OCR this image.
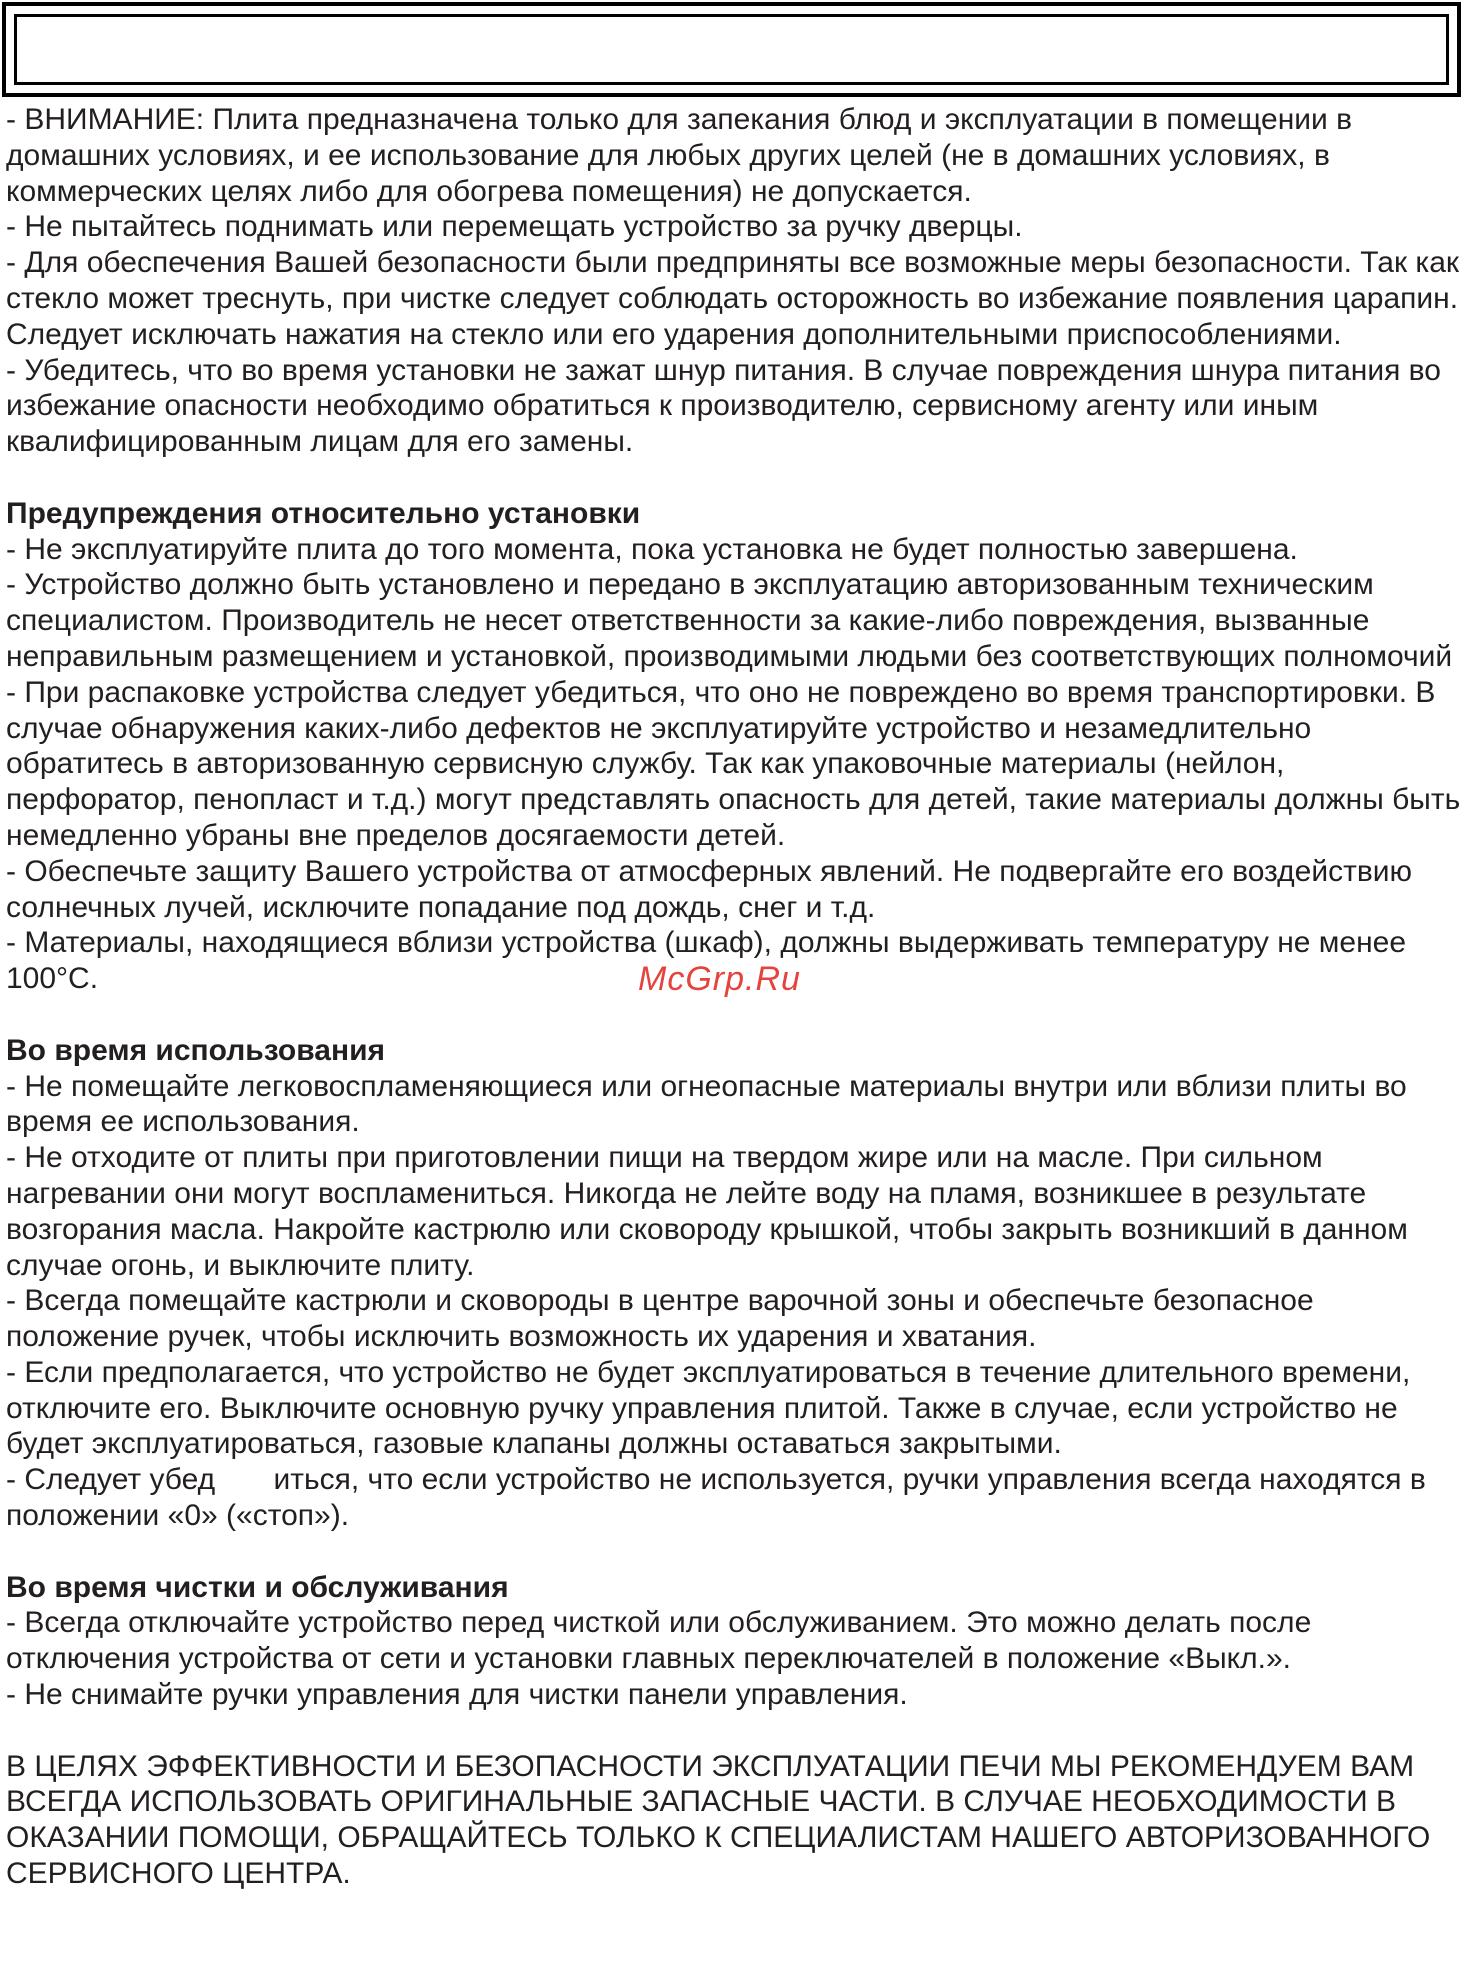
- ВНИМАНИЕ: Плита предназначена только для запекания блюд и эксплуатации в помещении в домашних условиях, и ее использование для любых других целей (не в домашних условиях, в коммерческих целях либо для обогрева помещения) не допускается.

- Не пытайтесь поднимать или перемещать устройство за ручку дверцы.

- Для обеспечения Вашей безопасности были предприняты все возможные меры безопасности. Так как стекло может треснуть, при чистке следует соблюдать осторожность во избежание появления царапин. Следует исключать нажатия на стекло или его ударения дополнительными приспособлениями.

- Убедитесь, что во время установки не зажат шнур питания. В случае повреждения шнура питания во избежание опасности необходимо обратиться к производителю, сервисному агенту или иным квалифицированным лицам для его замены.

Предупреждения относительно установки

- Не эксплуатируйте плита до того момента, пока установка не будет полностью завершена.

- Устройство должно быть установлено и передано в эксплуатацию авторизованным техническим специалистом. Производитель не несет ответственности за какие-либо повреждения, вызванные неправильным размещением и установкой, производимыми людьми без соответствующих полномочий

- При распаковке устройства следует убедиться, что оно не повреждено во время транспортировки. В случае обнаружения каких-либо дефектов не эксплуатируйте устройство и незамедлительно обратитесь в авторизованную сервисную службу. Так как упаковочные материалы (нейлон, перфоратор, пенопласт и т.д.) могут представлять опасность для детей, такие материалы должны быть немедленно убраны вне пределов досягаемости детей.

- Обеспечьте защиту Вашего устройства от атмосферных явлений. Не подвергайте его воздействию солнечных лучей, исключите попадание под дождь, снег и т.д.

- Материалы, находящиеся вблизи устройства (шкаф), должны выдерживать температуру не менее 100°C.

Во время использования

- Не помещайте легковоспламеняющиеся или огнеопасные материалы внутри или вблизи плиты во время ее использования.

- Не отходите от плиты при приготовлении пищи на твердом жире или на масле. При сильном нагревании они могут воспламениться. Никогда не лейте воду на пламя, возникшее в результате возгорания масла. Накройте кастрюлю или сковороду крышкой, чтобы закрыть возникший в данном случае огонь, и выключите плиту.

- Всегда помещайте кастрюли и сковороды в центре варочной зоны и обеспечьте безопасное положение ручек, чтобы исключить возможность их ударения и хватания.

- Если предполагается, что устройство не будет эксплуатироваться в течение длительного времени, отключите его. Выключите основную ручку управления плитой. Также в случае, если устройство не будет эксплуатироваться, газовые клапаны должны оставаться закрытыми.

- Следует убед       иться, что если устройство не используется, ручки управления всегда находятся в положении «0» («стоп»).

Во время чистки и обслуживания

- Всегда отключайте устройство перед чисткой или обслуживанием. Это можно делать после отключения устройства от сети и установки главных переключателей в положение «Выкл.».

- Не снимайте ручки управления для чистки панели управления.

В ЦЕЛЯХ ЭФФЕКТИВНОСТИ И БЕЗОПАСНОСТИ ЭКСПЛУАТАЦИИ ПЕЧИ МЫ РЕКОМЕНДУЕМ ВАМ ВСЕГДА ИСПОЛЬЗОВАТЬ ОРИГИНАЛЬНЫЕ ЗАПАСНЫЕ ЧАСТИ. В СЛУЧАЕ НЕОБХОДИМОСТИ В ОКАЗАНИИ ПОМОЩИ, ОБРАЩАЙТЕСЬ ТОЛЬКО К СПЕЦИАЛИСТАМ НАШЕГО АВТОРИЗОВАННОГО СЕРВИСНОГО ЦЕНТРА.

McGrp.Ru
